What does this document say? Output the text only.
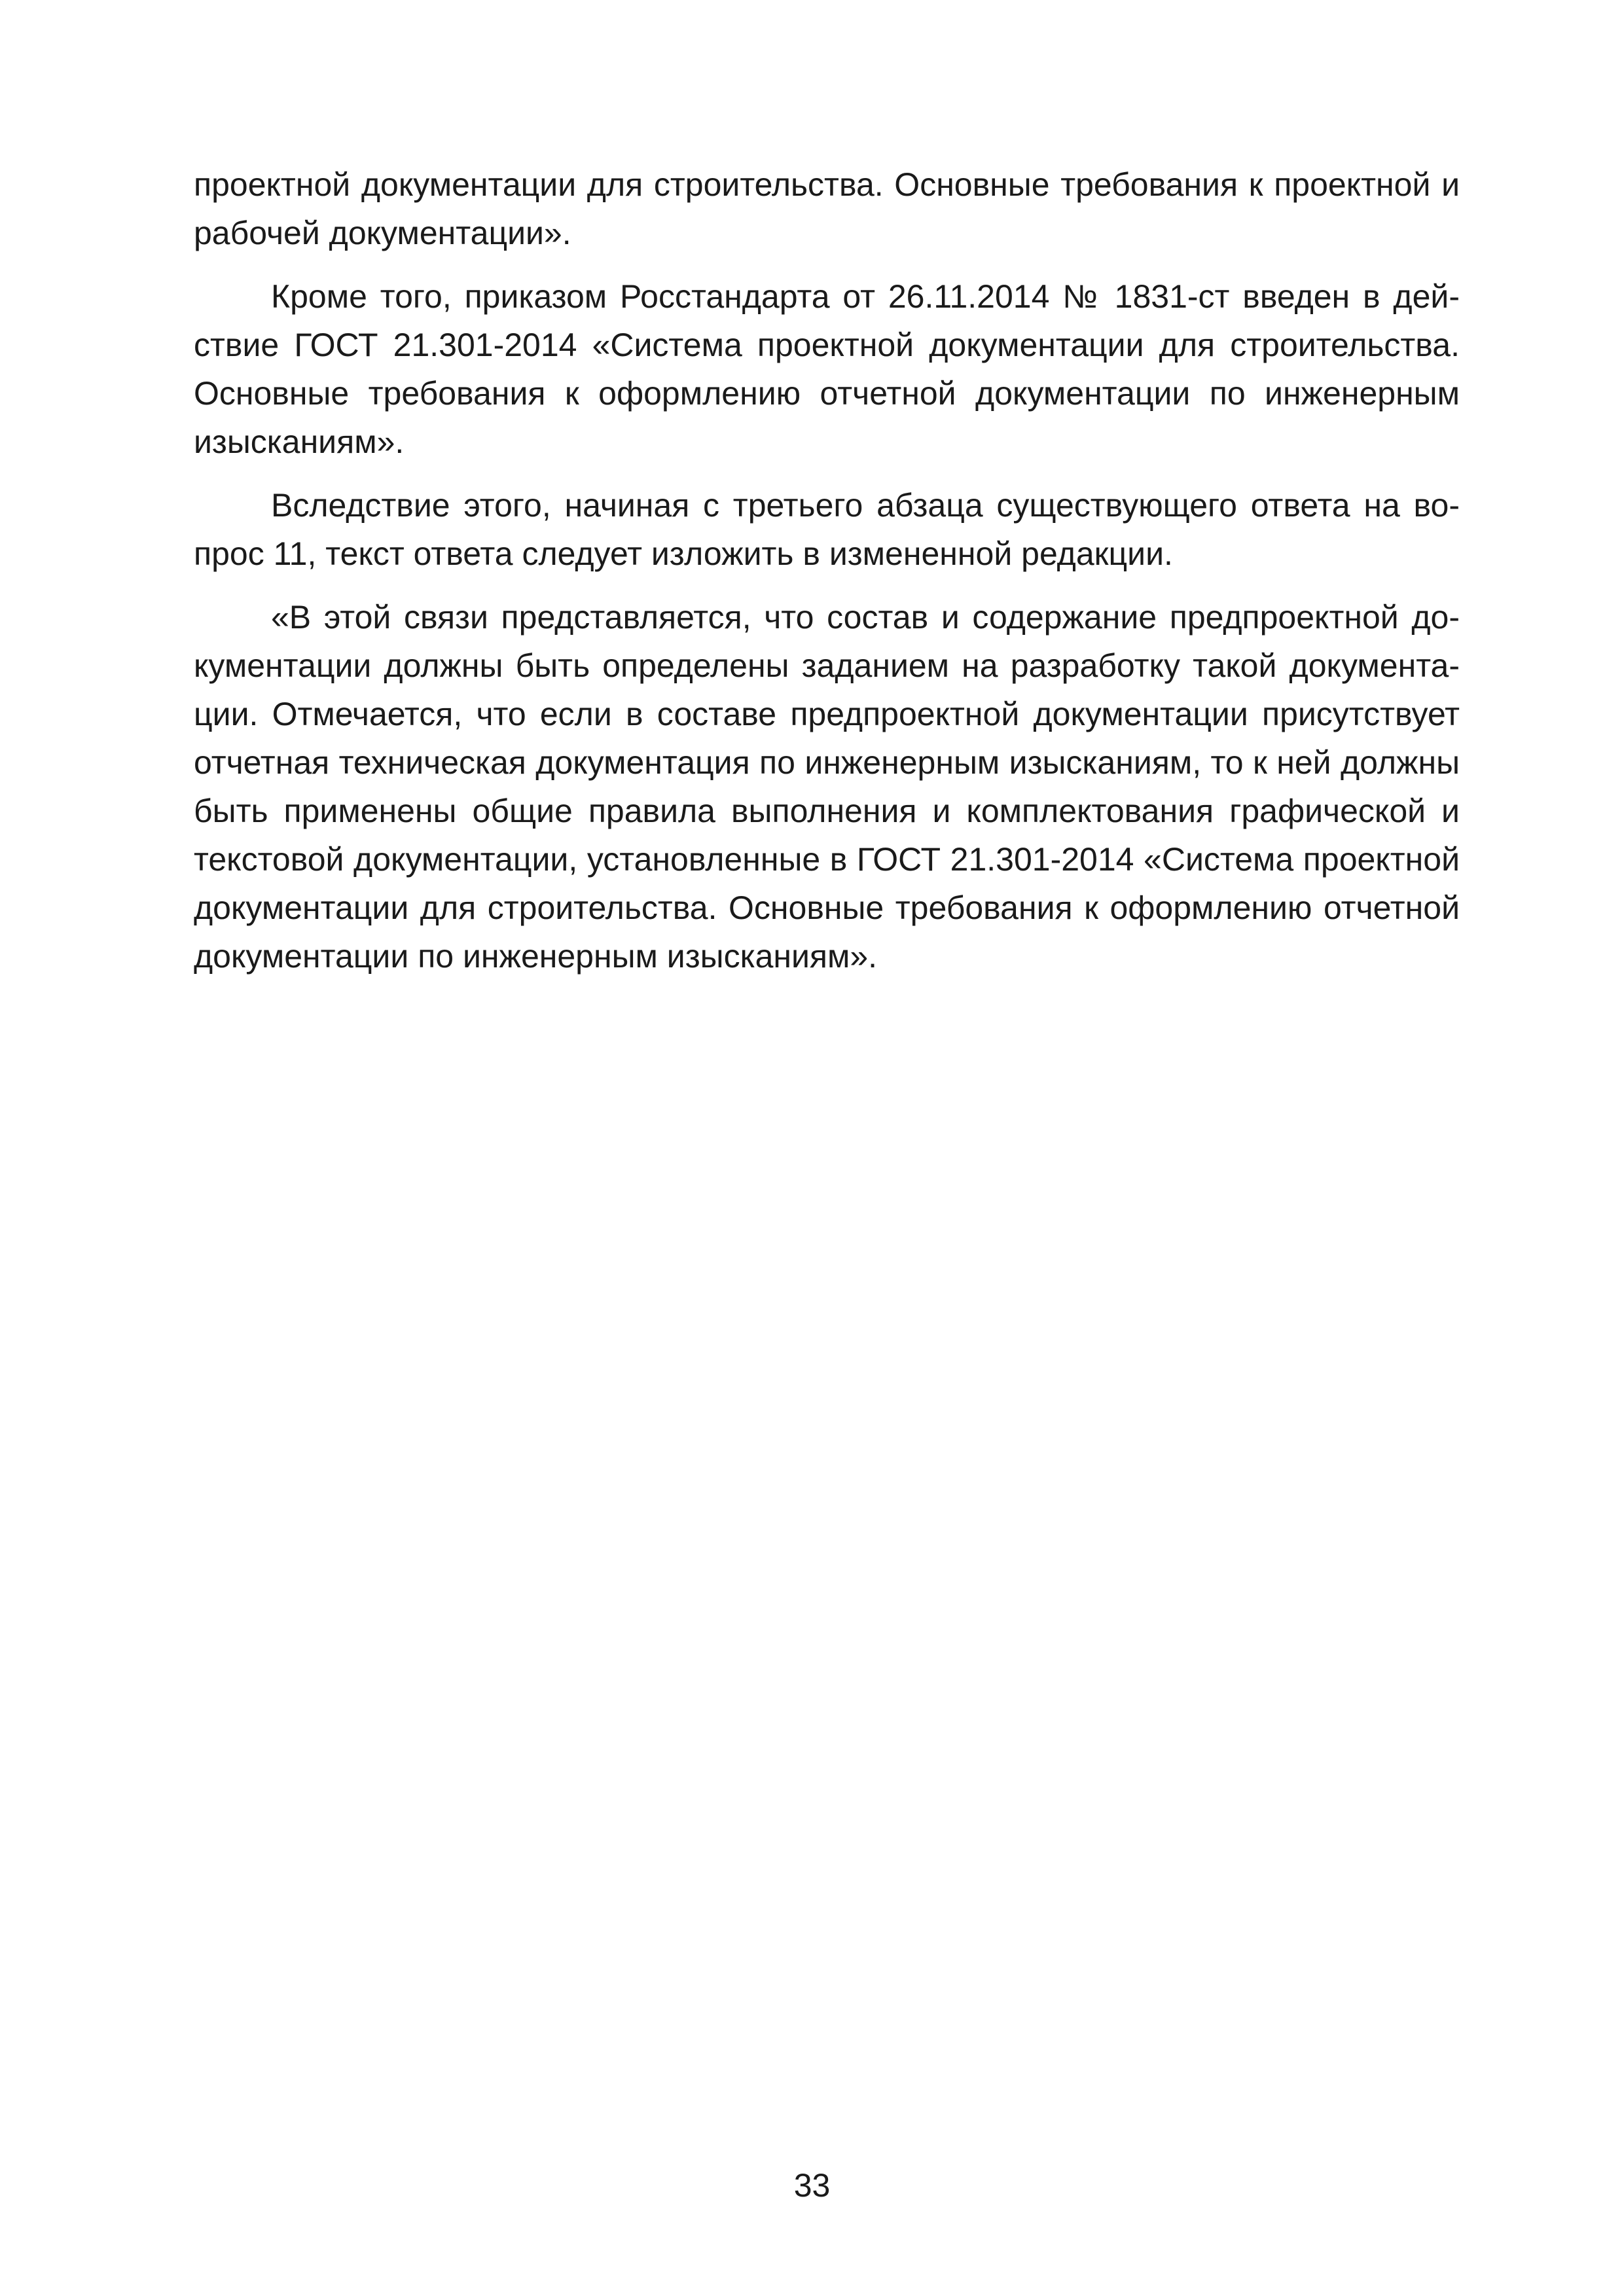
проектной документации для строительства. Основные требования к проектной и рабочей документации».

Кроме того, приказом Росстандарта от 26.11.2014 № 1831-ст введен в действие ГОСТ 21.301-2014 «Система проектной документации для строительства. Основные требования к оформлению отчетной документации по инженерным изысканиям».

Вследствие этого, начиная с третьего абзаца существующего ответа на вопрос 11, текст ответа следует изложить в измененной редакции.

«В этой связи представляется, что состав и содержание предпроектной документации должны быть определены заданием на разработку такой документации. Отмечается, что если в составе предпроектной документации присутствует отчетная техническая документация по инженерным изысканиям, то к ней должны быть применены общие правила выполнения и комплектования графической и текстовой документации, установленные в ГОСТ 21.301-2014 «Система проектной документации для строительства. Основные требования к оформлению отчетной документации по инженерным изысканиям».

33
